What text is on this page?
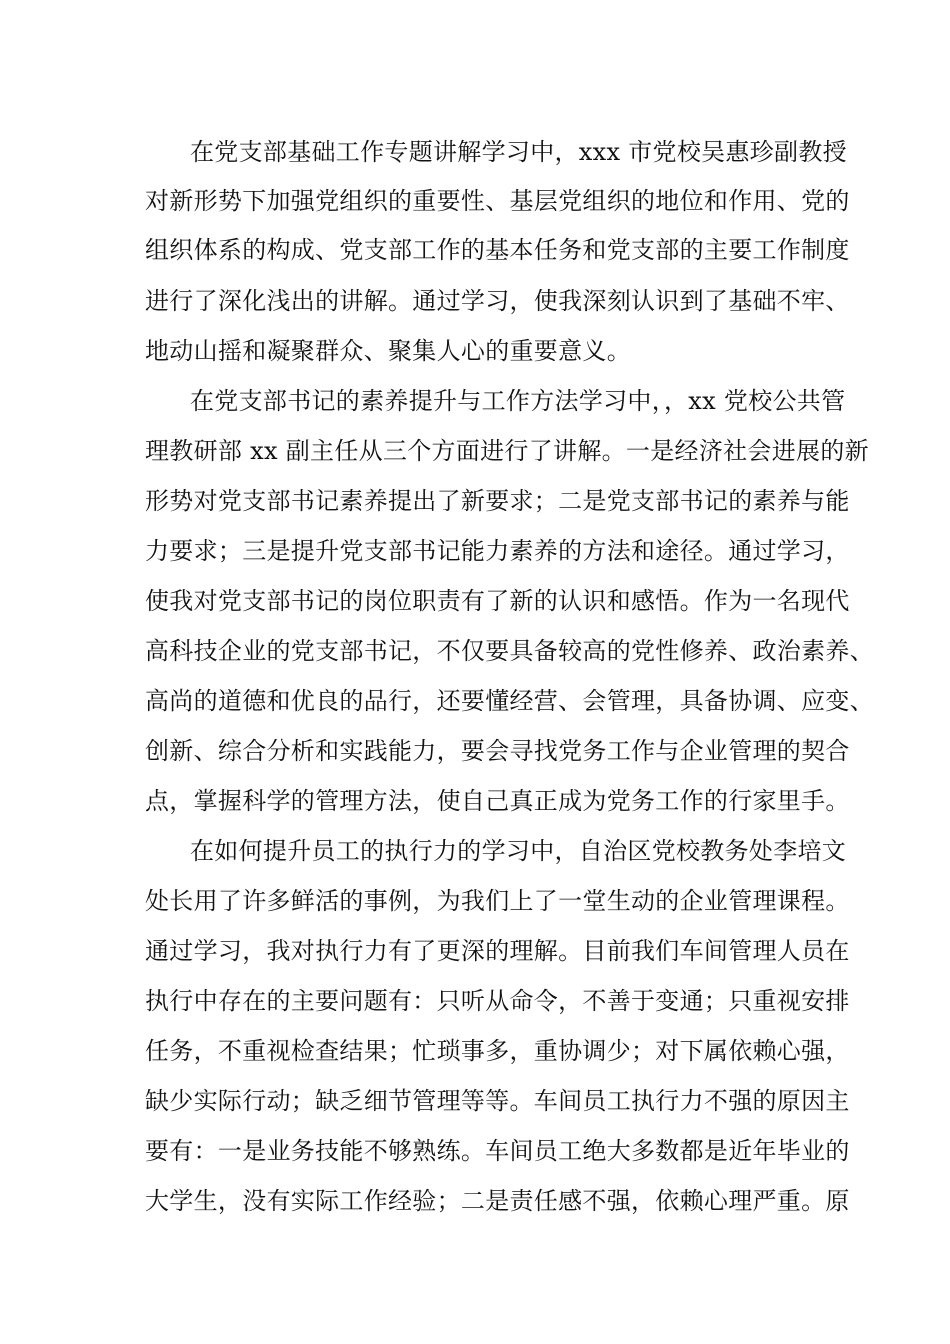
在党支部基础工作专题讲解学习中，xxx 市党校吴惠珍副教授
对新形势下加强党组织的重要性、基层党组织的地位和作用、党的
组织体系的构成、党支部工作的基本任务和党支部的主要工作制度
进行了深化浅出的讲解。通过学习，使我深刻认识到了基础不牢、
地动山摇和凝聚群众、聚集人心的重要意义。
在党支部书记的素养提升与工作方法学习中，，xx 党校公共管
理教研部 xx 副主任从三个方面进行了讲解。一是经济社会进展的新
形势对党支部书记素养提出了新要求；二是党支部书记的素养与能
力要求；三是提升党支部书记能力素养的方法和途径。通过学习，
使我对党支部书记的岗位职责有了新的认识和感悟。作为一名现代
高科技企业的党支部书记，不仅要具备较高的党性修养、政治素养、
高尚的道德和优良的品行，还要懂经营、会管理，具备协调、应变、
创新、综合分析和实践能力，要会寻找党务工作与企业管理的契合
点，掌握科学的管理方法，使自己真正成为党务工作的行家里手。
在如何提升员工的执行力的学习中，自治区党校教务处李培文
处长用了许多鲜活的事例，为我们上了一堂生动的企业管理课程。
通过学习，我对执行力有了更深的理解。目前我们车间管理人员在
执行中存在的主要问题有：只听从命令，不善于变通；只重视安排
任务，不重视检查结果；忙琐事多，重协调少；对下属依赖心强，
缺少实际行动；缺乏细节管理等等。车间员工执行力不强的原因主
要有：一是业务技能不够熟练。车间员工绝大多数都是近年毕业的
大学生，没有实际工作经验；二是责任感不强，依赖心理严重。原
